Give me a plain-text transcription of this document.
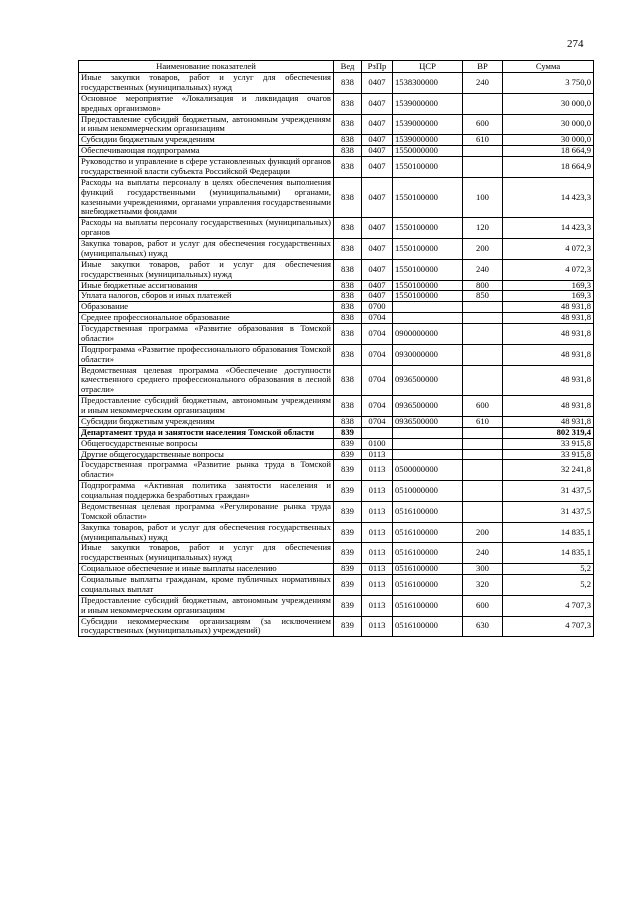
274
Наименование показателей	Вед	РзПр	ЦСР	ВР	Сумма
Иные закупки товаров, работ и услуг для обеспечения государственных (муниципальных) нужд	838	0407	1538300000	240	3 750,0
Основное мероприятие «Локализация и ликвидация очагов вредных организмов»	838	0407	1539000000		30 000,0
Предоставление субсидий бюджетным, автономным учреждениям и иным некоммерческим организациям	838	0407	1539000000	600	30 000,0
Субсидии бюджетным учреждениям	838	0407	1539000000	610	30 000,0
Обеспечивающая подпрограмма	838	0407	1550000000		18 664,9
Руководство и управление в сфере установленных функций органов государственной власти субъекта Российской Федерации	838	0407	1550100000		18 664,9
Расходы на выплаты персоналу в целях обеспечения выполнения функций государственными (муниципальными) органами, казенными учреждениями, органами управления государственными внебюджетными фондами	838	0407	1550100000	100	14 423,3
Расходы на выплаты персоналу государственных (муниципальных) органов	838	0407	1550100000	120	14 423,3
Закупка товаров, работ и услуг для обеспечения государственных (муниципальных) нужд	838	0407	1550100000	200	4 072,3
Иные закупки товаров, работ и услуг для обеспечения государственных (муниципальных) нужд	838	0407	1550100000	240	4 072,3
Иные бюджетные ассигнования	838	0407	1550100000	800	169,3
Уплата налогов, сборов и иных платежей	838	0407	1550100000	850	169,3
Образование	838	0700			48 931,8
Среднее профессиональное образование	838	0704			48 931,8
Государственная программа «Развитие образования в Томской области»	838	0704	0900000000		48 931,8
Подпрограмма «Развитие профессионального образования Томской области»	838	0704	0930000000		48 931,8
Ведомственная целевая программа «Обеспечение доступности качественного среднего профессионального образования в лесной отрасли»	838	0704	0936500000		48 931,8
Предоставление субсидий бюджетным, автономным учреждениям и иным некоммерческим организациям	838	0704	0936500000	600	48 931,8
Субсидии бюджетным учреждениям	838	0704	0936500000	610	48 931,8
Департамент труда и занятости населения Томской области	839				802 319,4
Общегосударственные вопросы	839	0100			33 915,8
Другие общегосударственные вопросы	839	0113			33 915,8
Государственная программа «Развитие рынка труда в Томской области»	839	0113	0500000000		32 241,8
Подпрограмма «Активная политика занятости населения и социальная поддержка безработных граждан»	839	0113	0510000000		31 437,5
Ведомственная целевая программа «Регулирование рынка труда Томской области»	839	0113	0516100000		31 437,5
Закупка товаров, работ и услуг для обеспечения государственных (муниципальных) нужд	839	0113	0516100000	200	14 835,1
Иные закупки товаров, работ и услуг для обеспечения государственных (муниципальных) нужд	839	0113	0516100000	240	14 835,1
Социальное обеспечение и иные выплаты населению	839	0113	0516100000	300	5,2
Социальные выплаты гражданам, кроме публичных нормативных социальных выплат	839	0113	0516100000	320	5,2
Предоставление субсидий бюджетным, автономным учреждениям и иным некоммерческим организациям	839	0113	0516100000	600	4 707,3
Субсидии некоммерческим организациям (за исключением государственных (муниципальных) учреждений)	839	0113	0516100000	630	4 707,3
